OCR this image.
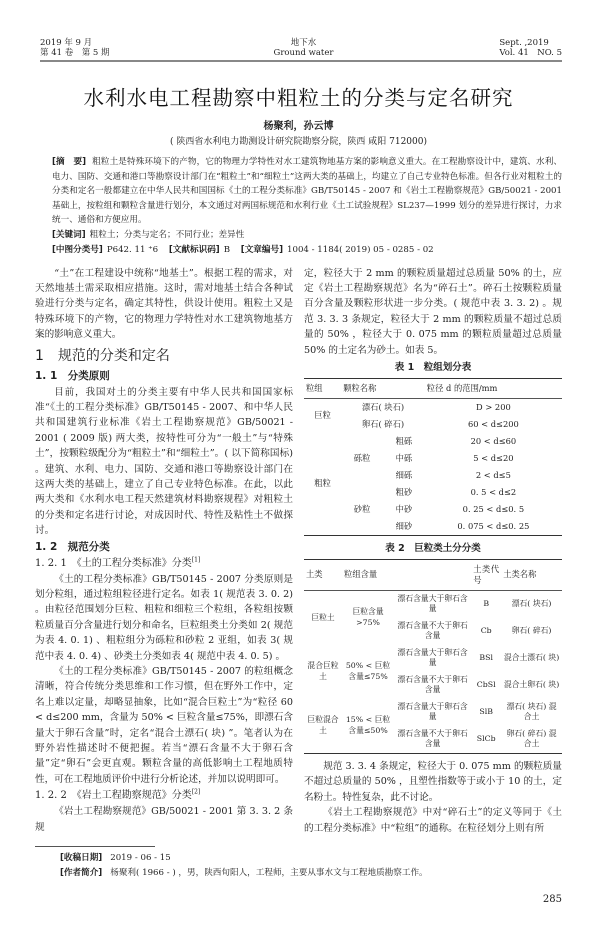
2019 年 9 月
第 41 卷　第 5 期
地下水
Ground water
Sept. ,2019
Vol. 41　NO. 5
水利水电工程勘察中粗粒土的分类与定名研究
杨聚利，孙云博
( 陕西省水利电力勘测设计研究院勘察分院，陕西 咸阳 712000)
[摘　要] 粗粒土是特殊环境下的产物，它的物理力学特性对水工建筑物地基方案的影响意义重大。在工程勘察设计中，建筑、水利、电力、国防、交通和港口等勘察设计部门在“粗粒土”和“细粒土”这两大类的基础上，均建立了自己专业特色标准。但各行业对粗粒土的分类和定名一般都建立在中华人民共和国国标《土的工程分类标准》GB/T50145 - 2007 和《岩土工程勘察规范》GB/50021 - 2001 基础上，按粒组和颗粒含量进行划分，本文通过对两国标规范和水利行业《土工试验规程》SL237—1999 划分的差异进行探讨，力求统一、通俗和方便应用。
[关键词] 粗粒土；分类与定名；不同行业；差异性
[中图分类号] P642. 11 ⁺6 [文献标识码] B [文章编号] 1004 - 1184( 2019) 05 - 0285 - 02

“土”在工程建设中统称“地基土”。根据工程的需求，对天然地基土需采取相应措施。这时，需对地基土结合各种试验进行分类与定名，确定其特性，供设计使用。粗粒土又是特殊环境下的产物，它的物理力学特性对水工建筑物地基方案的影响意义重大。

1　规范的分类和定名
1. 1　分类原则

目前，我国对土的分类主要有中华人民共和国国家标准“《土的工程分类标准》GB/T50145 - 2007、和中华人民共和国建筑行业标准《岩土工程勘察规范》GB/50021 - 2001 ( 2009 版) 两大类，按特性可分为“一般土”与“特殊土”，按颗粒级配分为“粗粒土”和“细粒土”。( 以下简称国标) 。建筑、水利、电力、国防、交通和港口等勘察设计部门在这两大类的基础上，建立了自己专业特色标准。在此，以此两大类和《水利水电工程天然建筑材料勘察规程》对粗粒土的分类和定名进行讨论，对成因时代、特性及粘性土不做探讨。

1. 2　规范分类
1. 2. 1　《土的工程分类标准》分类[1]

《土的工程分类标准》GB/T50145 - 2007 分类原则是划分粒组，通过粒组粒径进行定名。如表 1( 规范表 3. 0. 2) 。由粒径范围划分巨粒、粗粒和细粒三个粒组，各粒组按颗粒质量百分含量进行划分和命名，巨粒组类土分类如 2( 规范为表 4. 0. 1) 、粗粒组分为砾粒和砂粒 2 亚组，如表 3( 规范中表 4. 0. 4) 、砂类土分类如表 4( 规范中表 4. 0. 5) 。

《土的工程分类标准》GB/T50145 - 2007 的粒组概念清晰，符合传统分类思维和工作习惯，但在野外工作中，定名上难以定量，却略显抽象，比如“混合巨粒土”为“粒径 60 < d≤200 mm，含量为 50% < 巨粒含量≤75%，即漂石含量大于卵石含量”时，定名“混合土漂石( 块) ”。笔者认为在野外岩性描述时不便把握。若当“漂石含量不大于卵石含量”定“卵石”会更直观。颗粒含量的高低影响土工程地质特性，可在工程地质评价中进行分析论述，并加以说明即可。

1. 2. 2　《岩土工程勘察规范》分类[2]

《岩土工程勘察规范》GB/50021 - 2001 第 3. 3. 2 条规

定，粒径大于 2 mm 的颗粒质量超过总质量 50% 的土，应定《岩土工程勘察规范》名为“碎石土”。碎石土按颗粒质量百分含量及颗粒形状进一步分类。( 规范中表 3. 3. 2) 。规范 3. 3. 3 条规定，粒径大于 2 mm 的颗粒质量不超过总质量的 50% ，粒径大于 0. 075 mm 的颗粒质量超过总质量 50% 的土定名为砂土。如表 5。

表 1　粒组划分表
粒组	颗粒名称		粒径 d 的范围/mm
巨粒	漂石( 块石)		D > 200
	卵石( 碎石)		60 < d≤200
粗粒	砾粒	粗砾	20 < d≤60
		中砾	5 < d≤20
		细砾	2 < d≤5
	砂粒	粗砂	0. 5 < d≤2
		中砂	0. 25 < d≤0. 5
		细砂	0. 075 < d≤0. 25
表 2　巨粒类土分分类
土类	粒组含量		土类代号	土类名称
巨粒土	巨粒含量 >75%	漂石含量大于卵石含量	B	漂石( 块石)
		漂石含量不大于卵石含量	Cb	卵石( 碎石)
混合巨粒土	50% < 巨粒含量≤75%	漂石含量大于卵石含量	BSl	混合土漂石( 块)
		漂石含量不大于卵石含量	CbSl	混合土卵石( 块)
巨粒混合土	15% < 巨粒含量≤50%	漂石含量大于卵石含量	SlB	漂石( 块石) 混合土
		漂石含量不大于卵石含量	SlCb	卵石( 碎石) 混合土

规范 3. 3. 4 条规定，粒径大于 0. 075 mm 的颗粒质量不超过总质量的 50% ，且塑性指数等于或小于 10 的土，定名粉土。特性复杂，此不讨论。

《岩土工程勘察规范》中对“碎石土”的定义等同于《土的工程分类标准》中“粒组”的通称。在粒径划分上则有所

[收稿日期] 2019 - 06 - 15
[作者简介] 杨聚利( 1966 - ) ，男，陕西旬阳人，工程师，主要从事水文与工程地质勘察工作。
285
